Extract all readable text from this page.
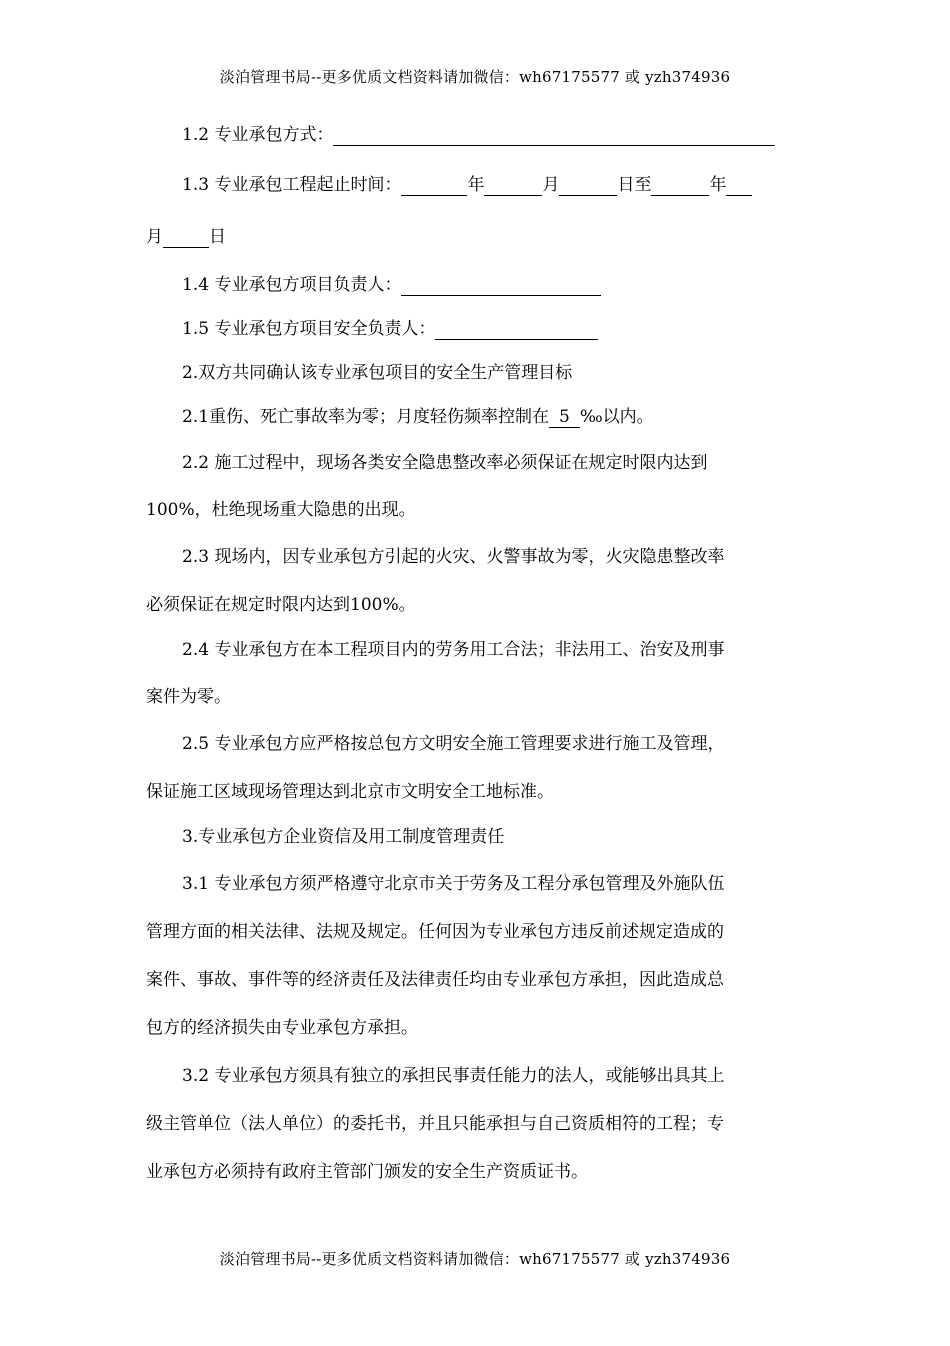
淡泊管理书局--更多优质文档资料请加微信：wh67175577 或 yzh374936
1.2 专业承包方式：
1.3 专业承包工程起止时间：	年	月	日至	年
月	日
1.4 专业承包方项目负责人：
1.5 专业承包方项目安全负责人：
2.双方共同确认该专业承包项目的安全生产管理目标
2.1重伤、死亡事故率为零；月度轻伤频率控制在 5 ‰以内。
2.2 施工过程中，现场各类安全隐患整改率必须保证在规定时限内达到
100%，杜绝现场重大隐患的出现。
2.3 现场内，因专业承包方引起的火灾、火警事故为零，火灾隐患整改率
必须保证在规定时限内达到100%。
2.4 专业承包方在本工程项目内的劳务用工合法；非法用工、治安及刑事
案件为零。
2.5 专业承包方应严格按总包方文明安全施工管理要求进行施工及管理，
保证施工区域现场管理达到北京市文明安全工地标准。
3.专业承包方企业资信及用工制度管理责任
3.1 专业承包方须严格遵守北京市关于劳务及工程分承包管理及外施队伍
管理方面的相关法律、法规及规定。任何因为专业承包方违反前述规定造成的
案件、事故、事件等的经济责任及法律责任均由专业承包方承担，因此造成总
包方的经济损失由专业承包方承担。
3.2 专业承包方须具有独立的承担民事责任能力的法人，或能够出具其上
级主管单位（法人单位）的委托书，并且只能承担与自己资质相符的工程；专
业承包方必须持有政府主管部门颁发的安全生产资质证书。
淡泊管理书局--更多优质文档资料请加微信：wh67175577 或 yzh374936
